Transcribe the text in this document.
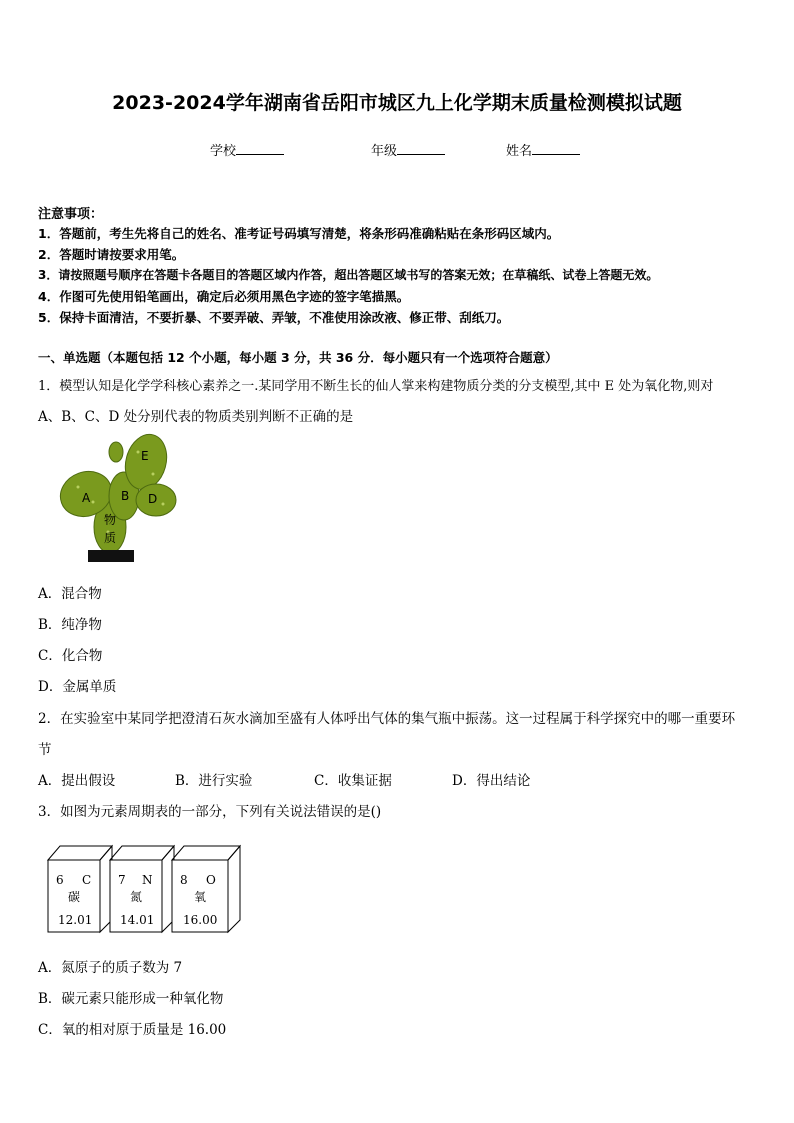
2023-2024学年湖南省岳阳市城区九上化学期末质量检测模拟试题
学校	年级	姓名
注意事项：
1．答题前，考生先将自己的姓名、准考证号码填写清楚，将条形码准确粘贴在条形码区域内。
2．答题时请按要求用笔。
3．请按照题号顺序在答题卡各题目的答题区域内作答，超出答题区域书写的答案无效；在草稿纸、试卷上答题无效。
4．作图可先使用铅笔画出，确定后必须用黑色字迹的签字笔描黑。
5．保持卡面清洁，不要折暴、不要弄破、弄皱，不准使用涂改液、修正带、刮纸刀。
一、单选题（本题包括 12 个小题，每小题 3 分，共 36 分．每小题只有一个选项符合题意）
1．模型认知是化学学科核心素养之一.某同学用不断生长的仙人掌来构建物质分类的分支模型,其中 E 处为氧化物,则对
A、B、C、D 处分别代表的物质类别判断不正确的是
A	B D
E
物
质
A．混合物
B．纯净物
C．化合物
D．金属单质
2．在实验室中某同学把澄清石灰水滴加至盛有人体呼出气体的集气瓶中振荡。这一过程属于科学探究中的哪一重要环
节
A．提出假设	B．进行实验	C．收集证据	D．得出结论
3．如图为元素周期表的一部分，下列有关说法错误的是()
6 C
碳
12.01
7 N
氮
14.01
8 O
氧
16.00
A．氮原子的质子数为 7
B．碳元素只能形成一种氧化物
C．氧的相对原于质量是 16.00
